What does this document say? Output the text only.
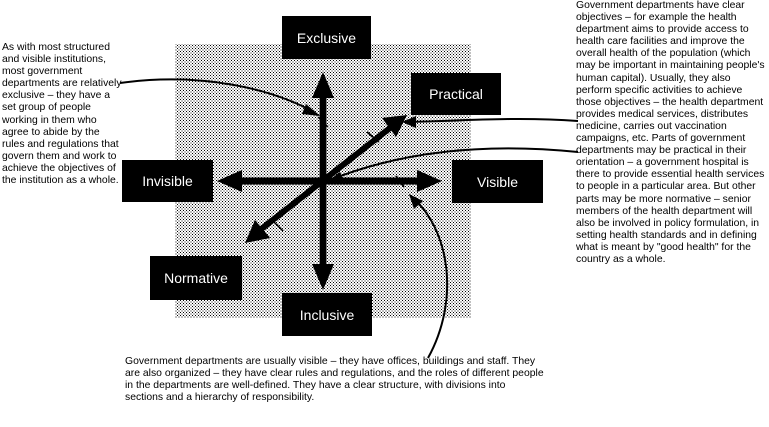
Exclusive
Practical
Invisible	Visible
Normative
Inclusive

As with most structured and visible institutions, most government departments are relatively exclusive – they have a set group of people working in them who agree to abide by the rules and regulations that govern them and work to achieve the objectives of the institution as a whole.

Government departments have clear objectives – for example the health department aims to provide access to health care facilities and improve the overall health of the population (which may be important in maintaining people's human capital). Usually, they also perform specific activities to achieve those objectives – the health department provides medical services, distributes medicine, carries out vaccination campaigns, etc. Parts of government departments may be practical in their orientation – a government hospital is there to provide essential health services to people in a particular area. But other parts may be more normative – senior members of the health department will also be involved in policy formulation, in setting health standards and in defining what is meant by "good health" for the country as a whole.

Government departments are usually visible – they have offices, buildings and staff. They are also organized – they have clear rules and regulations, and the roles of different people in the departments are well-defined. They have a clear structure, with divisions into sections and a hierarchy of responsibility.
